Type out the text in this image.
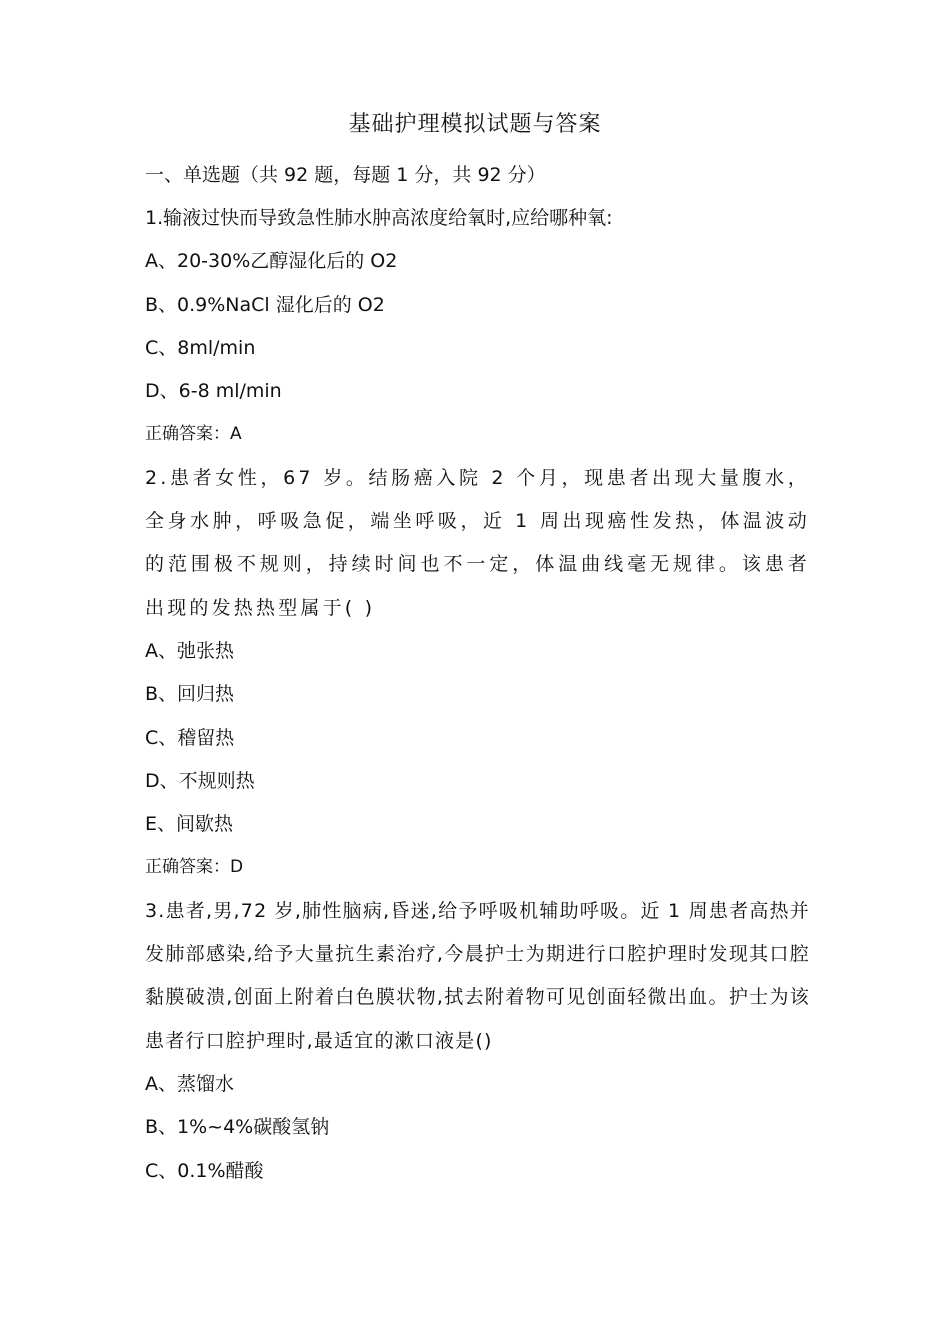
基础护理模拟试题与答案
一、单选题（共 92 题，每题 1 分，共 92 分）
1.输液过快而导致急性肺水肿高浓度给氧时,应给哪种氧:
A、20-30%乙醇湿化后的 O2
B、0.9%NaCl 湿化后的 O2
C、8ml/min
D、6-8 ml/min
正确答案：A
2.患者女性，67 岁。结肠癌入院 2 个月，现患者出现大量腹水，全身水肿，呼吸急促，端坐呼吸，近 1 周出现癌性发热，体温波动的范围极不规则，持续时间也不一定，体温曲线毫无规律。该患者出现的发热热型属于( )
A、弛张热
B、回归热
C、稽留热
D、不规则热
E、间歇热
正确答案：D
3.患者,男,72 岁,肺性脑病,昏迷,给予呼吸机辅助呼吸。近 1 周患者高热并发肺部感染,给予大量抗生素治疗,今晨护士为期进行口腔护理时发现其口腔黏膜破溃,创面上附着白色膜状物,拭去附着物可见创面轻微出血。护士为该患者行口腔护理时,最适宜的漱口液是()
A、蒸馏水
B、1%~4%碳酸氢钠
C、0.1%醋酸
